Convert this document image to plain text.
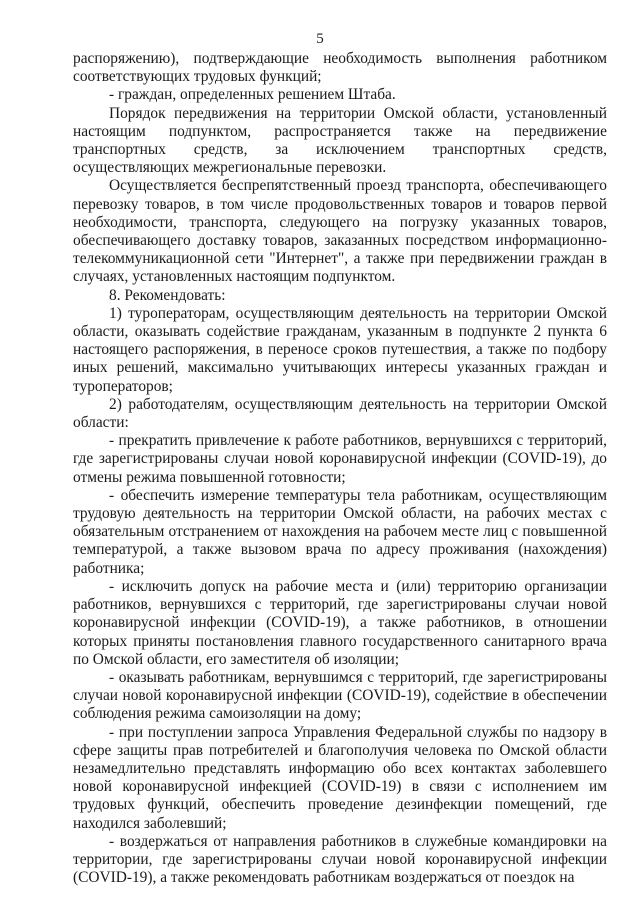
5

распоряжению), подтверждающие необходимость выполнения работником соответствующих трудовых функций;

- граждан, определенных решением Штаба.

Порядок передвижения на территории Омской области, установленный настоящим подпунктом, распространяется также на передвижение транспортных средств, за исключением транспортных средств, осуществляющих межрегиональные перевозки.

Осуществляется беспрепятственный проезд транспорта, обеспечивающего перевозку товаров, в том числе продовольственных товаров и товаров первой необходимости, транспорта, следующего на погрузку указанных товаров, обеспечивающего доставку товаров, заказанных посредством информационно-телекоммуникационной сети "Интернет", а также при передвижении граждан в случаях, установленных настоящим подпунктом.

8. Рекомендовать:

1) туроператорам, осуществляющим деятельность на территории Омской области, оказывать содействие гражданам, указанным в подпункте 2 пункта 6 настоящего распоряжения, в переносе сроков путешествия, а также по подбору иных решений, максимально учитывающих интересы указанных граждан и туроператоров;

2) работодателям, осуществляющим деятельность на территории Омской области:

- прекратить привлечение к работе работников, вернувшихся с территорий, где зарегистрированы случаи новой коронавирусной инфекции (COVID-19), до отмены режима повышенной готовности;

- обеспечить измерение температуры тела работникам, осуществляющим трудовую деятельность на территории Омской области, на рабочих местах с обязательным отстранением от нахождения на рабочем месте лиц с повышенной температурой, а также вызовом врача по адресу проживания (нахождения) работника;

- исключить допуск на рабочие места и (или) территорию организации работников, вернувшихся с территорий, где зарегистрированы случаи новой коронавирусной инфекции (COVID-19), а также работников, в отношении которых приняты постановления главного государственного санитарного врача по Омской области, его заместителя об изоляции;

- оказывать работникам, вернувшимся с территорий, где зарегистрированы случаи новой коронавирусной инфекции (COVID-19), содействие в обеспечении соблюдения режима самоизоляции на дому;

- при поступлении запроса Управления Федеральной службы по надзору в сфере защиты прав потребителей и благополучия человека по Омской области незамедлительно представлять информацию обо всех контактах заболевшего новой коронавирусной инфекцией (COVID-19) в связи с исполнением им трудовых функций, обеспечить проведение дезинфекции помещений, где находился заболевший;

- воздержаться от направления работников в служебные командировки на территории, где зарегистрированы случаи новой коронавирусной инфекции (COVID-19), а также рекомендовать работникам воздержаться от поездок на
